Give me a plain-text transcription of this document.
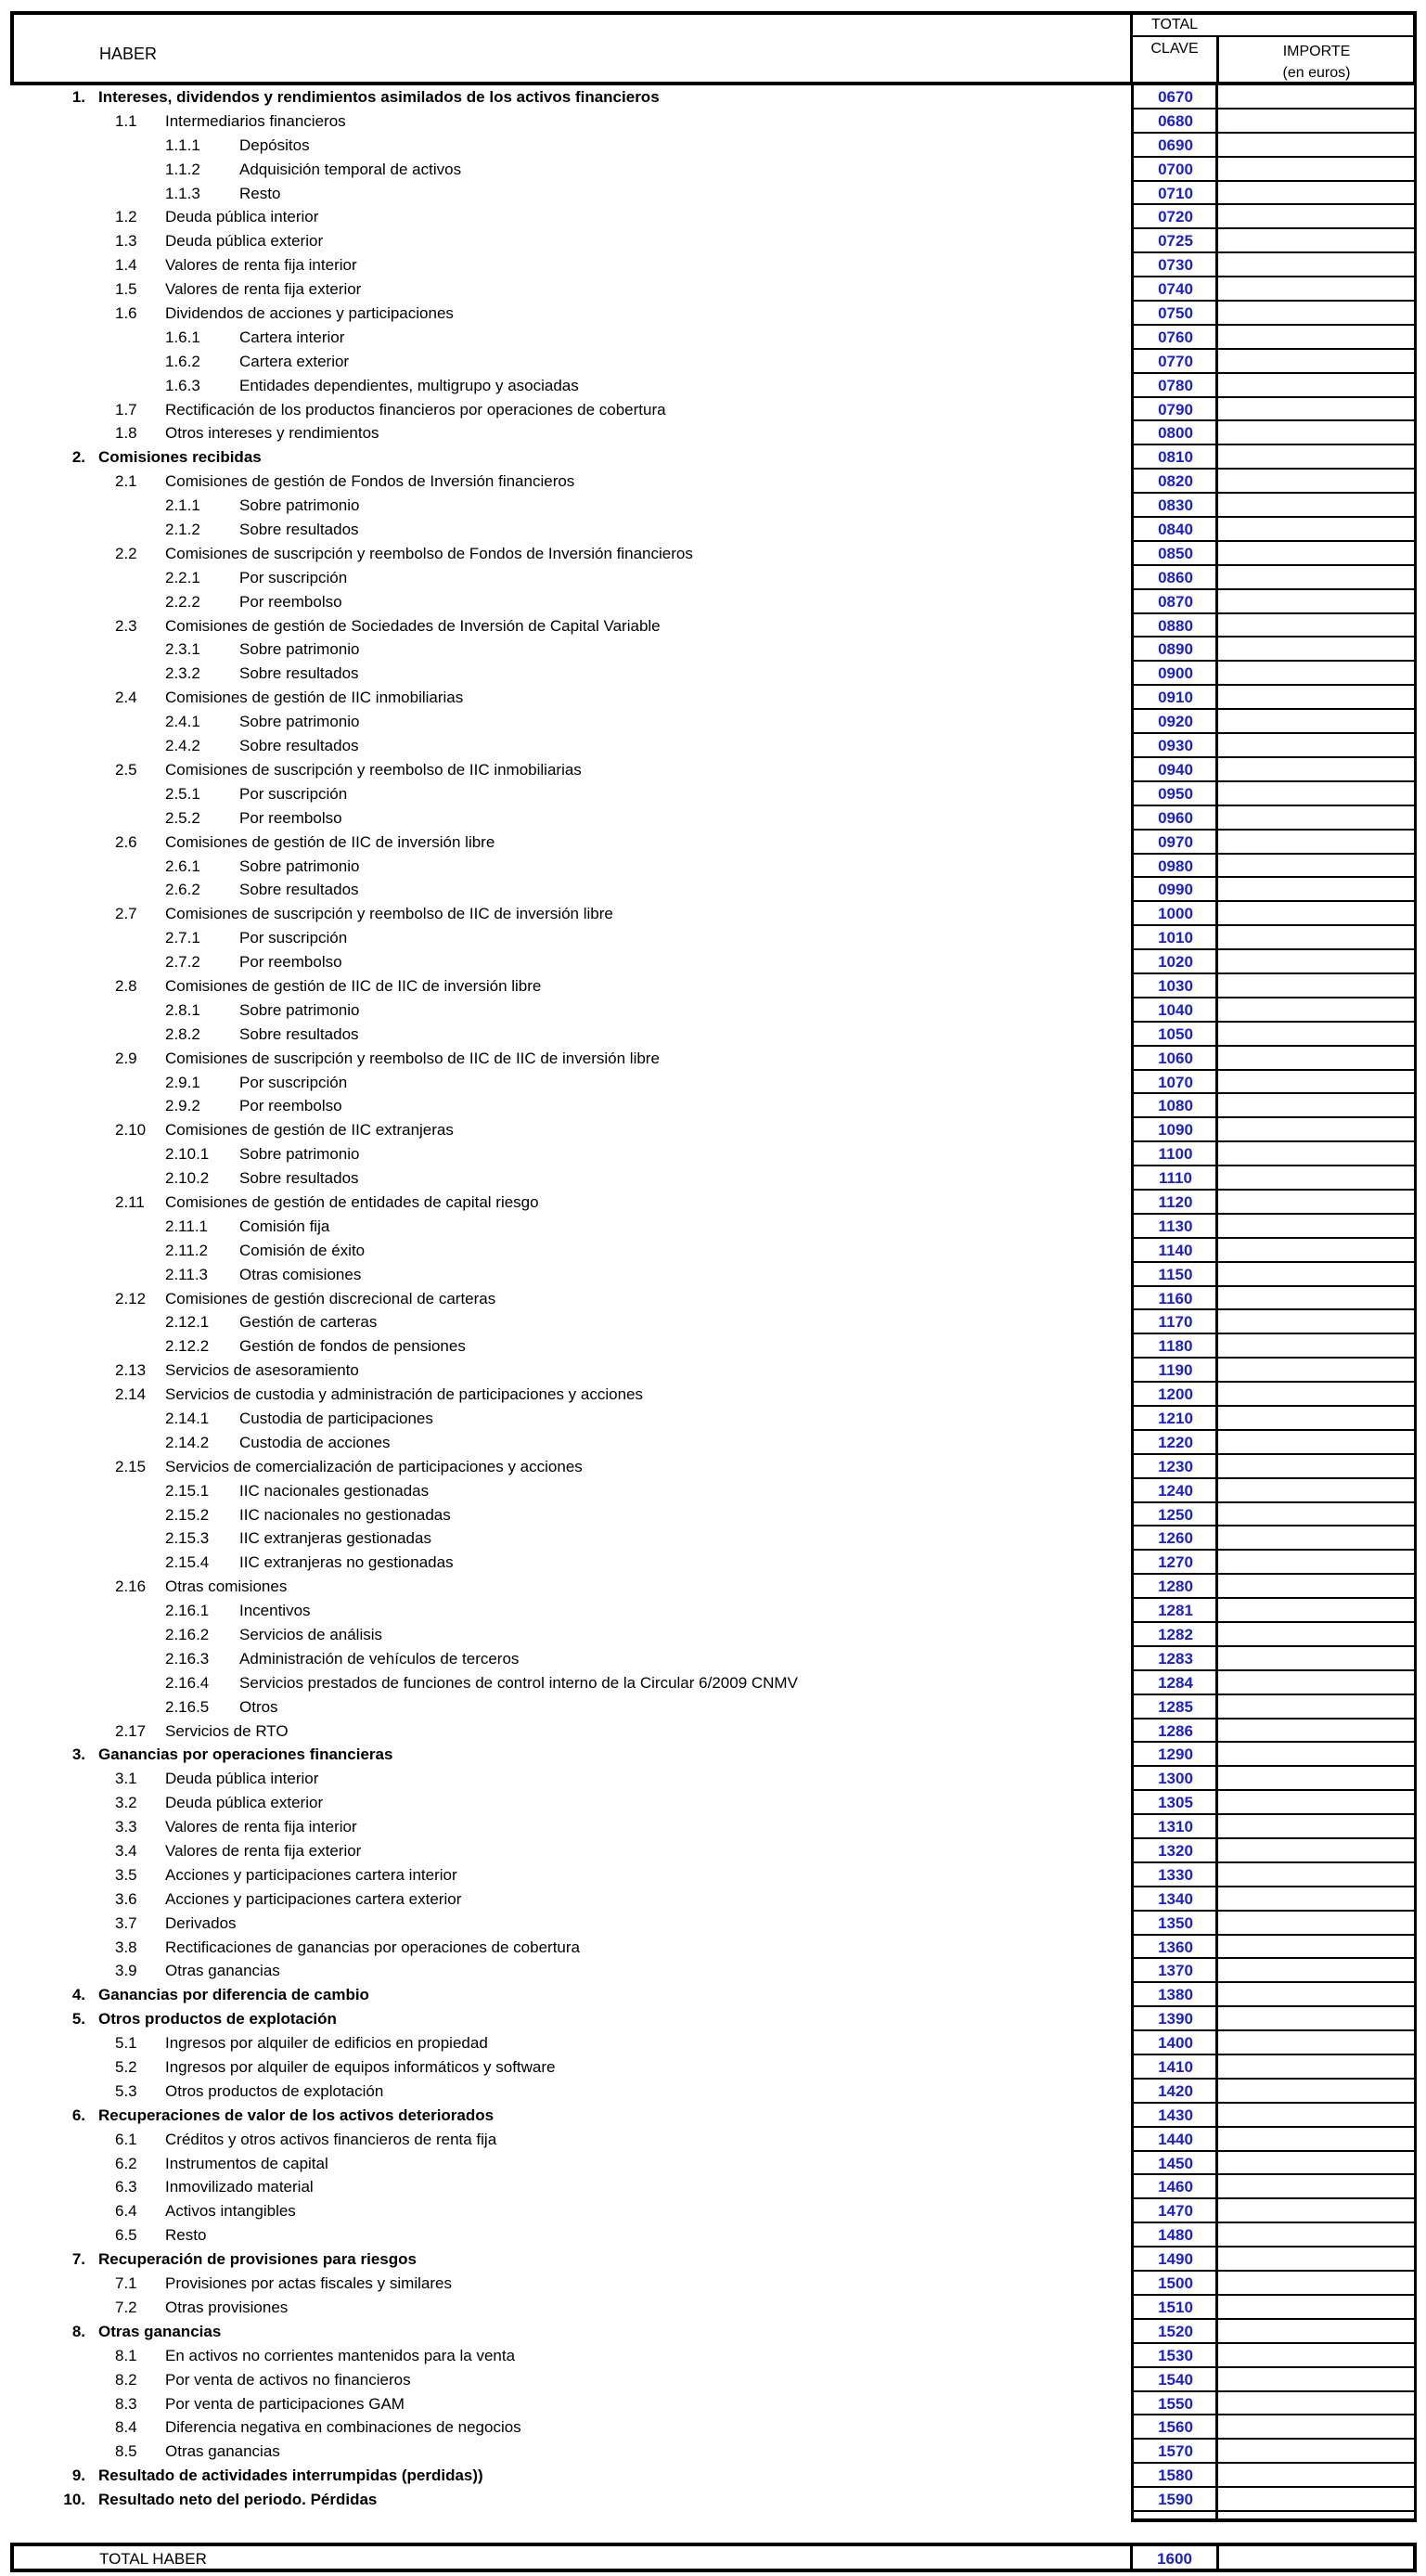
HABER
TOTAL
CLAVE	IMPORTE
(en euros)
1. Intereses, dividendos y rendimientos asimilados de los activos financieros	0670
1.1 Intermediarios financieros	0680
1.1.1 Depósitos	0690
1.1.2 Adquisición temporal de activos	0700
1.1.3 Resto	0710
1.2 Deuda pública interior	0720
1.3 Deuda pública exterior	0725
1.4 Valores de renta fija interior	0730
1.5 Valores de renta fija exterior	0740
1.6 Dividendos de acciones y participaciones	0750
1.6.1 Cartera interior	0760
1.6.2 Cartera exterior	0770
1.6.3 Entidades dependientes, multigrupo y asociadas	0780
1.7 Rectificación de los productos financieros por operaciones de cobertura	0790
1.8 Otros intereses y rendimientos	0800
2. Comisiones recibidas	0810
2.1 Comisiones de gestión de Fondos de Inversión financieros	0820
2.1.1 Sobre patrimonio	0830
2.1.2 Sobre resultados	0840
2.2 Comisiones de suscripción y reembolso de Fondos de Inversión financieros	0850
2.2.1 Por suscripción	0860
2.2.2 Por reembolso	0870
2.3 Comisiones de gestión de Sociedades de Inversión de Capital Variable	0880
2.3.1 Sobre patrimonio	0890
2.3.2 Sobre resultados	0900
2.4 Comisiones de gestión de IIC inmobiliarias	0910
2.4.1 Sobre patrimonio	0920
2.4.2 Sobre resultados	0930
2.5 Comisiones de suscripción y reembolso de IIC inmobiliarias	0940
2.5.1 Por suscripción	0950
2.5.2 Por reembolso	0960
2.6 Comisiones de gestión de IIC de inversión libre	0970
2.6.1 Sobre patrimonio	0980
2.6.2 Sobre resultados	0990
2.7 Comisiones de suscripción y reembolso de IIC de inversión libre	1000
2.7.1 Por suscripción	1010
2.7.2 Por reembolso	1020
2.8 Comisiones de gestión de IIC de IIC de inversión libre	1030
2.8.1 Sobre patrimonio	1040
2.8.2 Sobre resultados	1050
2.9 Comisiones de suscripción y reembolso de IIC de IIC de inversión libre	1060
2.9.1 Por suscripción	1070
2.9.2 Por reembolso	1080
2.10 Comisiones de gestión de IIC extranjeras	1090
2.10.1 Sobre patrimonio	1100
2.10.2 Sobre resultados	1110
2.11 Comisiones de gestión de entidades de capital riesgo	1120
2.11.1 Comisión fija	1130
2.11.2 Comisión de éxito	1140
2.11.3 Otras comisiones	1150
2.12 Comisiones de gestión discrecional de carteras	1160
2.12.1 Gestión de carteras	1170
2.12.2 Gestión de fondos de pensiones	1180
2.13 Servicios de asesoramiento	1190
2.14 Servicios de custodia y administración de participaciones y acciones	1200
2.14.1 Custodia de participaciones	1210
2.14.2 Custodia de acciones	1220
2.15 Servicios de comercialización de participaciones y acciones	1230
2.15.1 IIC nacionales gestionadas	1240
2.15.2 IIC nacionales no gestionadas	1250
2.15.3 IIC extranjeras gestionadas	1260
2.15.4 IIC extranjeras no gestionadas	1270
2.16 Otras comisiones	1280
2.16.1 Incentivos	1281
2.16.2 Servicios de análisis	1282
2.16.3 Administración de vehículos de terceros	1283
2.16.4 Servicios prestados de funciones de control interno de la Circular 6/2009 CNMV	1284
2.16.5 Otros	1285
2.17 Servicios de RTO	1286
3. Ganancias por operaciones financieras	1290
3.1 Deuda pública interior	1300
3.2 Deuda pública exterior	1305
3.3 Valores de renta fija interior	1310
3.4 Valores de renta fija exterior	1320
3.5 Acciones y participaciones cartera interior	1330
3.6 Acciones y participaciones cartera exterior	1340
3.7 Derivados	1350
3.8 Rectificaciones de ganancias por operaciones de cobertura	1360
3.9 Otras ganancias	1370
4. Ganancias por diferencia de cambio	1380
5. Otros productos de explotación	1390
5.1 Ingresos por alquiler de edificios en propiedad	1400
5.2 Ingresos por alquiler de equipos informáticos y software	1410
5.3 Otros productos de explotación	1420
6. Recuperaciones de valor de los activos deteriorados	1430
6.1 Créditos y otros activos financieros de renta fija	1440
6.2 Instrumentos de capital	1450
6.3 Inmovilizado material	1460
6.4 Activos intangibles	1470
6.5 Resto	1480
7. Recuperación de provisiones para riesgos	1490
7.1 Provisiones por actas fiscales y similares	1500
7.2 Otras provisiones	1510
8. Otras ganancias	1520
8.1 En activos no corrientes mantenidos para la venta	1530
8.2 Por venta de activos no financieros	1540
8.3 Por venta de participaciones GAM	1550
8.4 Diferencia negativa en combinaciones de negocios	1560
8.5 Otras ganancias	1570
9. Resultado de actividades interrumpidas (perdidas))	1580
10. Resultado neto del periodo. Pérdidas	1590
TOTAL HABER	1600
